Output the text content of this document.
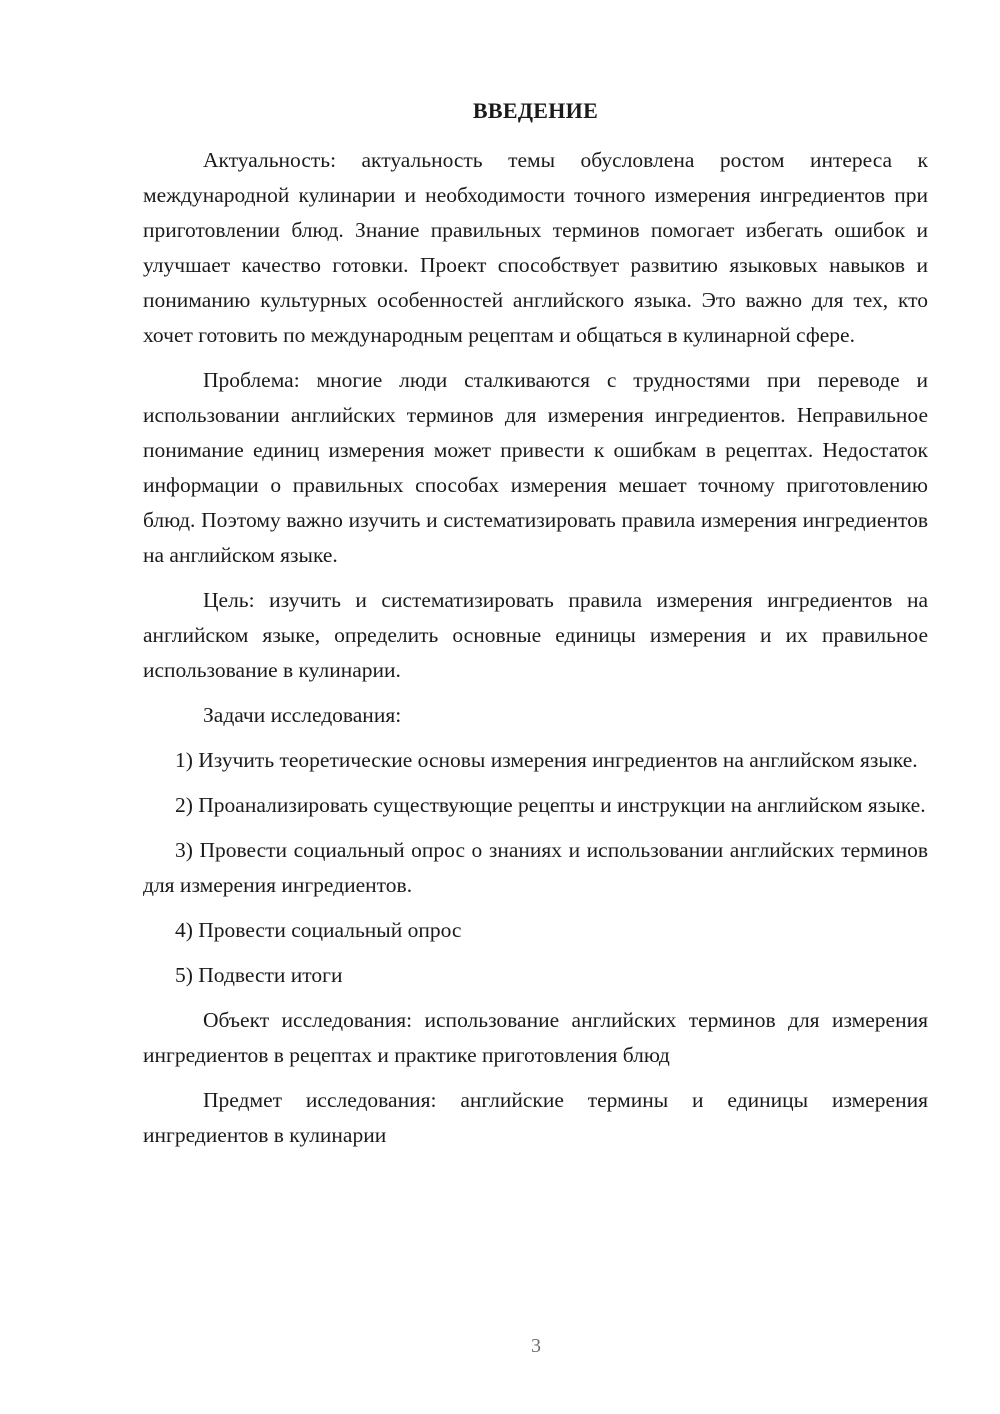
ВВЕДЕНИЕ

Актуальность: актуальность темы обусловлена ростом интереса к международной кулинарии и необходимости точного измерения ингредиентов при приготовлении блюд. Знание правильных терминов помогает избегать ошибок и улучшает качество готовки. Проект способствует развитию языковых навыков и пониманию культурных особенностей английского языка. Это важно для тех, кто хочет готовить по международным рецептам и общаться в кулинарной сфере.

Проблема: многие люди сталкиваются с трудностями при переводе и использовании английских терминов для измерения ингредиентов. Неправильное понимание единиц измерения может привести к ошибкам в рецептах. Недостаток информации о правильных способах измерения мешает точному приготовлению блюд. Поэтому важно изучить и систематизировать правила измерения ингредиентов на английском языке.

Цель: изучить и систематизировать правила измерения ингредиентов на английском языке, определить основные единицы измерения и их правильное использование в кулинарии.

Задачи исследования:

1) Изучить теоретические основы измерения ингредиентов на английском языке.

2) Проанализировать существующие рецепты и инструкции на английском языке.

3) Провести социальный опрос о знаниях и использовании английских терминов для измерения ингредиентов.

4) Провести социальный опрос

5) Подвести итоги

Объект исследования: использование английских терминов для измерения ингредиентов в рецептах и практике приготовления блюд

Предмет исследования: английские термины и единицы измерения ингредиентов в кулинарии

3
